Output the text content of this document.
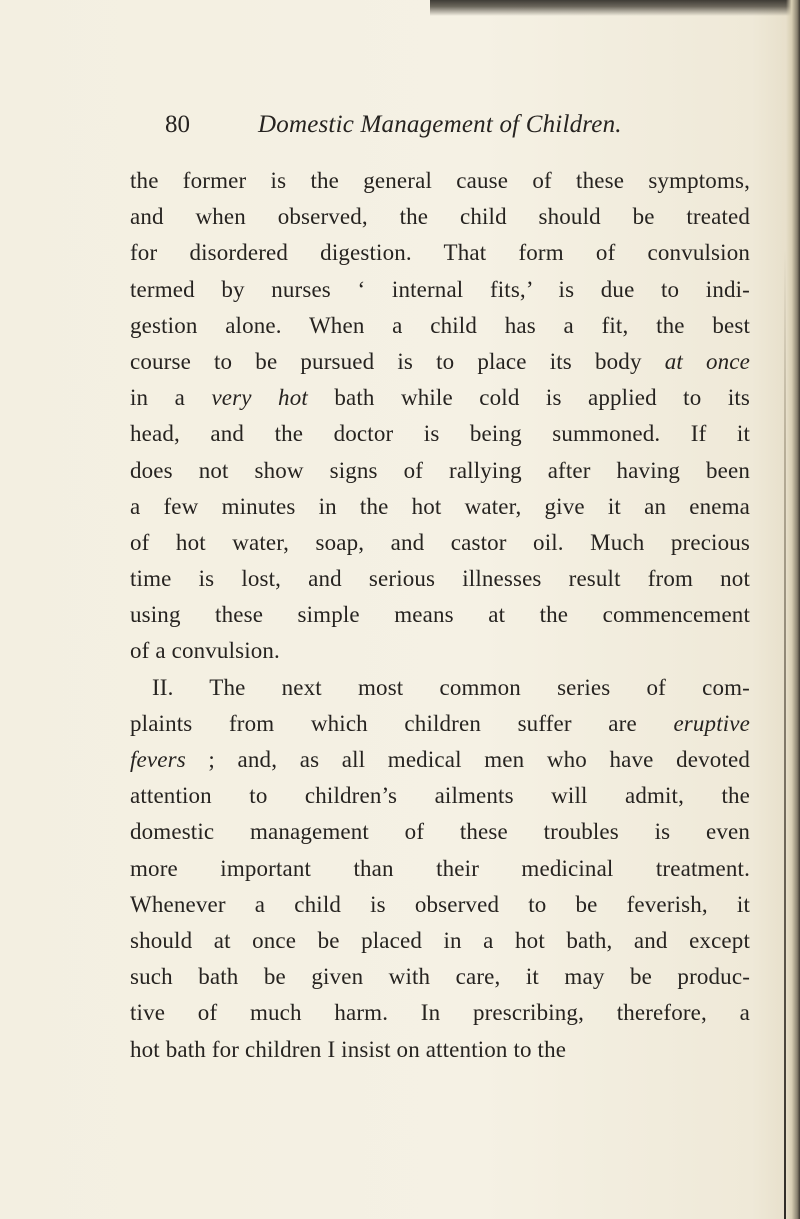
80	Domestic Management of Children.
the former is the general cause of these symptoms,
and when observed, the child should be treated
for disordered digestion. That form of convulsion
termed by nurses ‘ internal fits,’ is due to indi-
gestion alone. When a child has a fit, the best
course to be pursued is to place its body at once
in a very hot bath while cold is applied to its
head, and the doctor is being summoned. If it
does not show signs of rallying after having been
a few minutes in the hot water, give it an enema
of hot water, soap, and castor oil. Much precious
time is lost, and serious illnesses result from not
using these simple means at the commencement
of a convulsion.
II. The next most common series of com-
plaints from which children suffer are eruptive
fevers ; and, as all medical men who have devoted
attention to children’s ailments will admit, the
domestic management of these troubles is even
more important than their medicinal treatment.
Whenever a child is observed to be feverish, it
should at once be placed in a hot bath, and except
such bath be given with care, it may be produc-
tive of much harm. In prescribing, therefore, a
hot bath for children I insist on attention to the
